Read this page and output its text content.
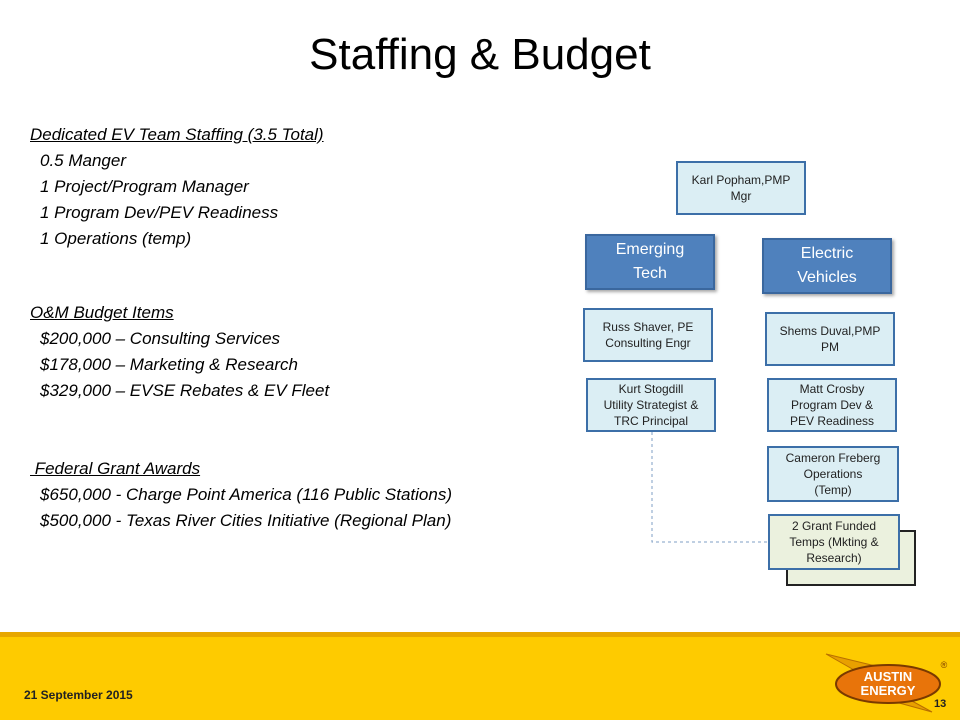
Staffing & Budget
Dedicated EV Team Staffing (3.5 Total)
0.5 Manger
1 Project/Program Manager
1 Program Dev/PEV Readiness
1 Operations (temp)
O&M Budget Items
$200,000 – Consulting Services
$178,000 – Marketing & Research
$329,000 – EVSE Rebates & EV Fleet
Federal Grant Awards
$650,000 - Charge Point America (116 Public Stations)
$500,000 - Texas River Cities Initiative (Regional Plan)
Karl Popham,PMP
Mgr
Emerging
Tech
Electric
Vehicles
Russ Shaver, PE
Consulting Engr
Kurt Stogdill
Utility Strategist &
TRC Principal
Shems Duval,PMP
PM
Matt Crosby
Program Dev &
PEV Readiness
Cameron Freberg
Operations
(Temp)
2 Grant Funded
Temps (Mkting &
Research)
21 September 2015
13
AUSTIN
ENERGY
®
